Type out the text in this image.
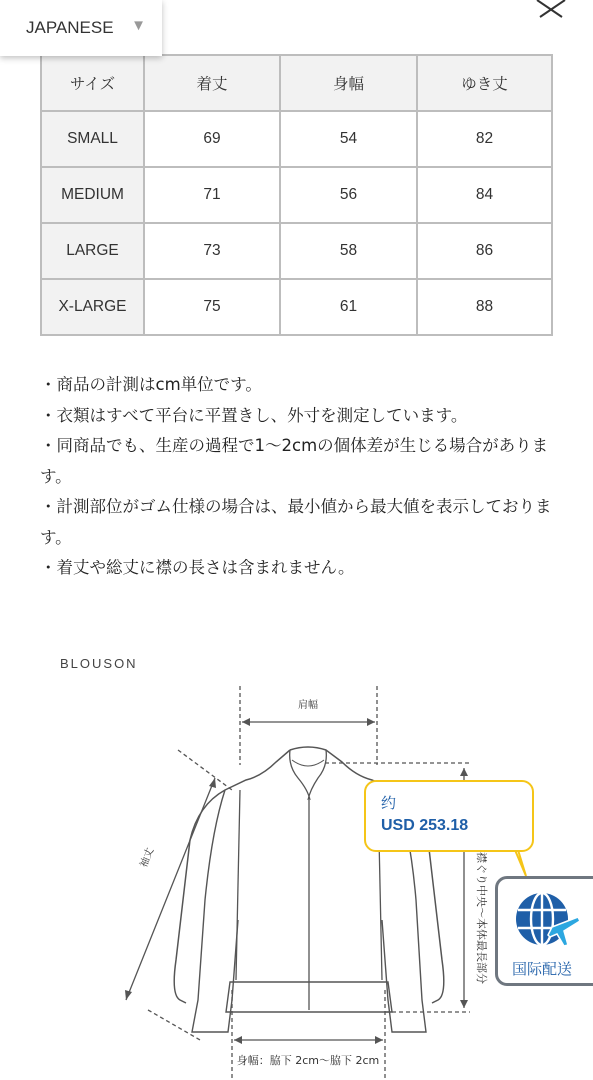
JAPANESE ▼
サイズ	着丈	身幅	ゆき丈
SMALL	69	54	82
MEDIUM	71	56	84
LARGE	73	58	86
X-LARGE	75	61	88

・商品の計測はcm単位です。

・衣類はすべて平台に平置きし、外寸を測定しています。

・同商品でも、生産の過程で1～2cmの個体差が生じる場合があります。

・計測部位がゴム仕様の場合は、最小値から最大値を表示しております。

・着丈や総丈に襟の長さは含まれません。

BLOUSON
肩幅
袖丈	襟ぐり中央～本体最長部分
身幅：脇下 2cm～脇下 2cm
约
USD 253.18
国际配送
